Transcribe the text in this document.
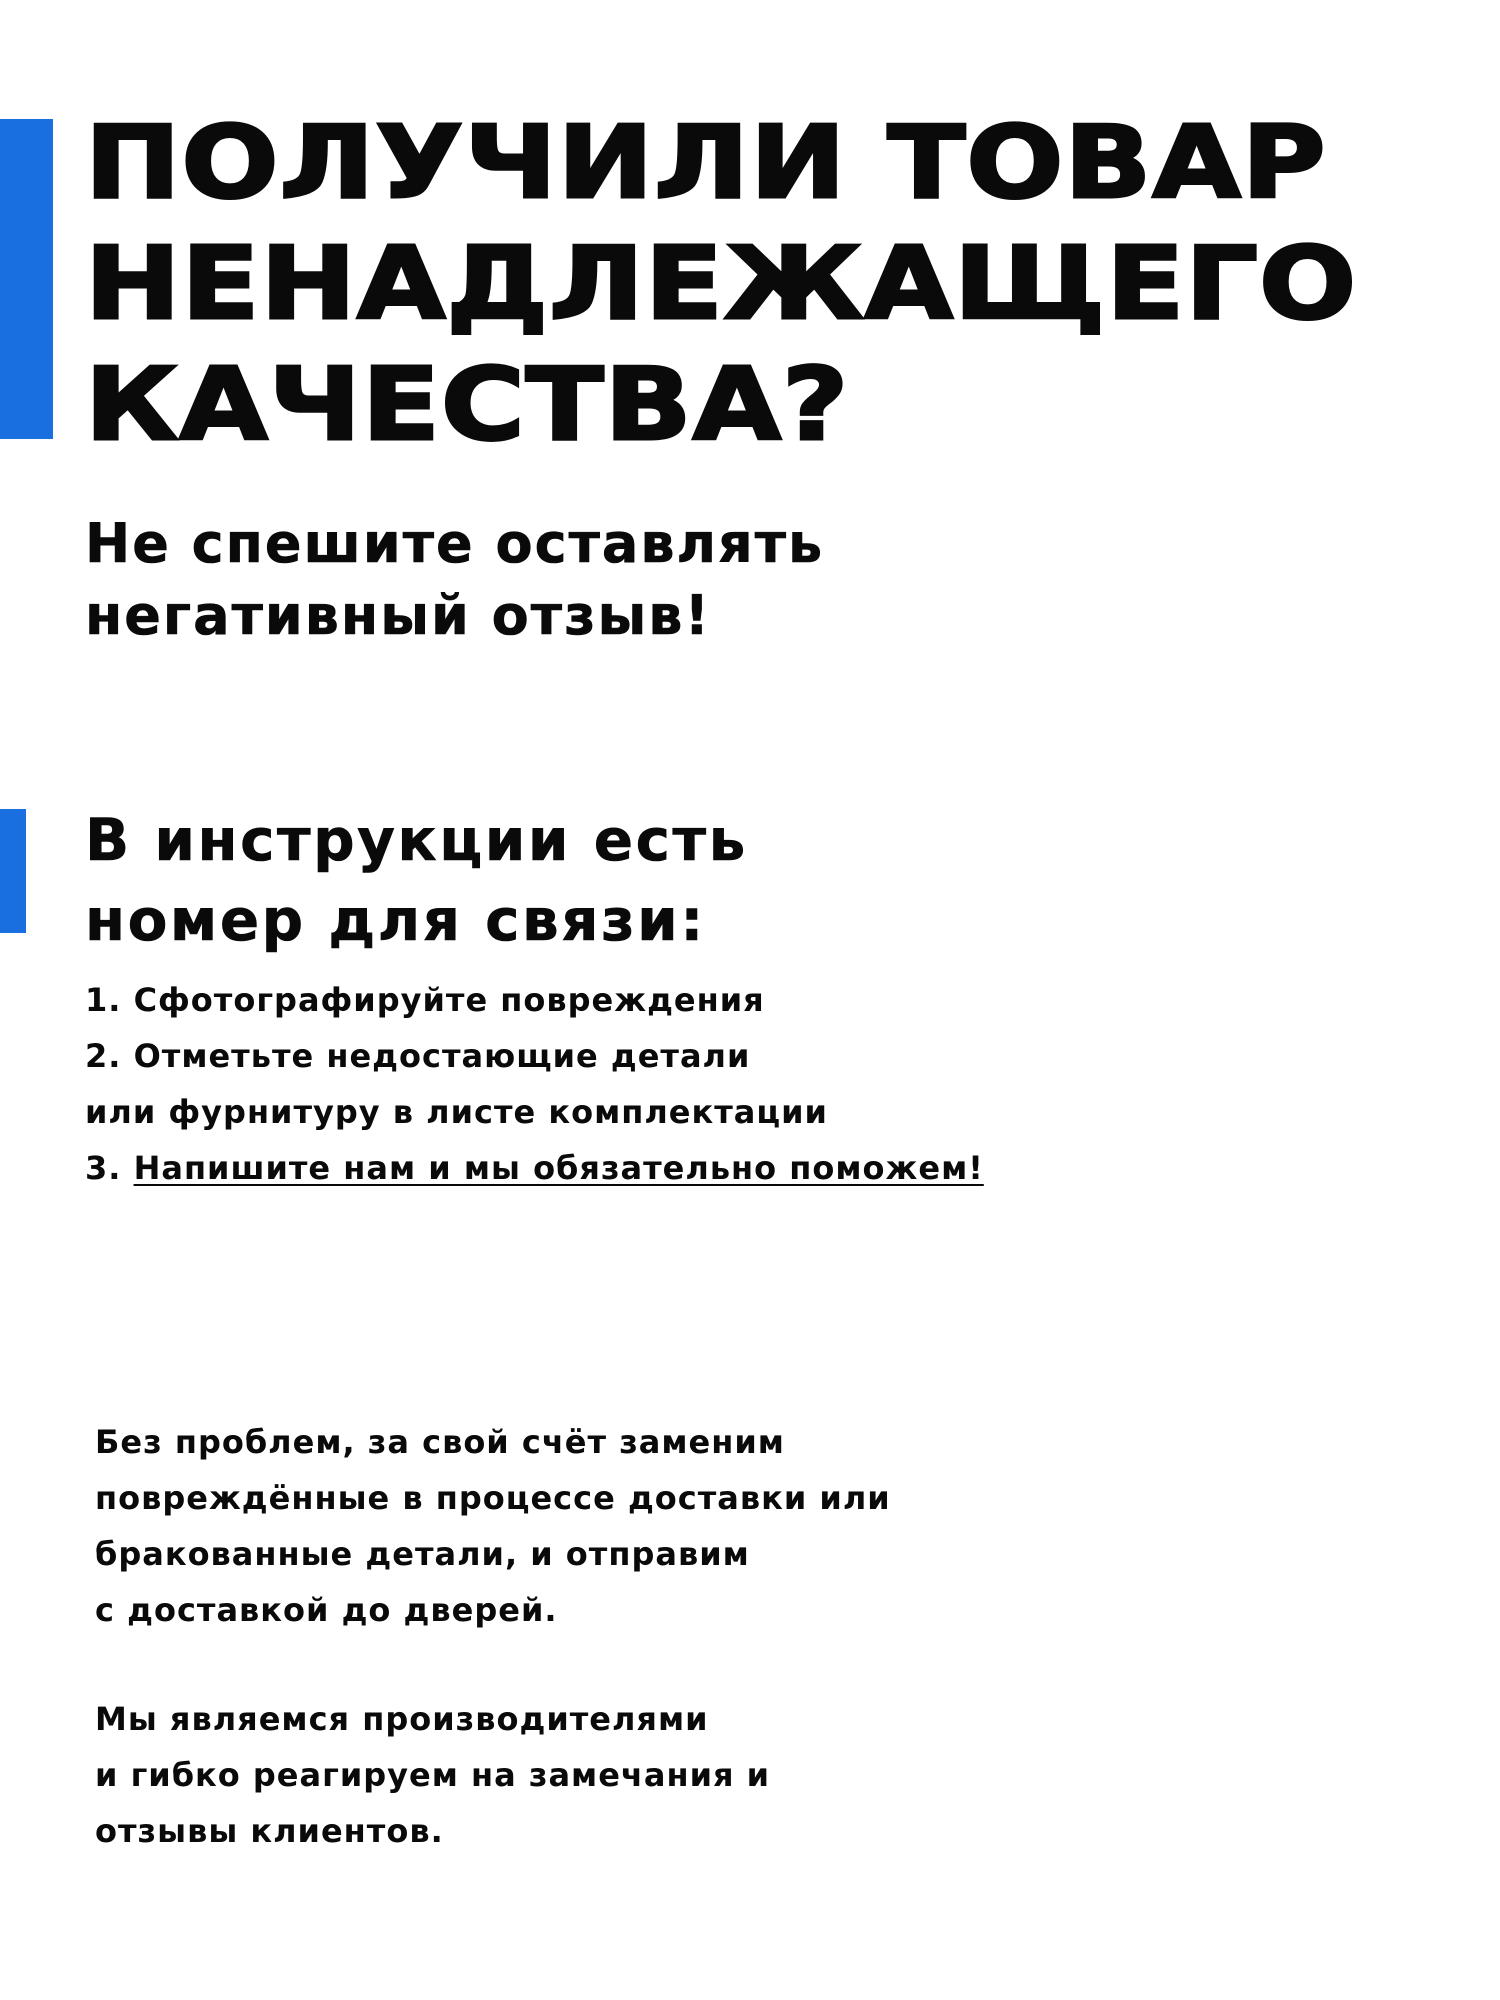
ПОЛУЧИЛИ ТОВАР
НЕНАДЛЕЖАЩЕГО
КАЧЕСТВА?
Не спешите оставлять
негативный отзыв!
В инструкции есть
номер для связи:
1. Сфотографируйте повреждения
2. Отметьте недостающие детали
или фурнитуру в листе комплектации
3. Напишите нам и мы обязательно поможем!

Без проблем, за свой счёт заменим
повреждённые в процессе доставки или
бракованные детали, и отправим
с доставкой до дверей.

Мы являемся производителями
и гибко реагируем на замечания и
отзывы клиентов.
